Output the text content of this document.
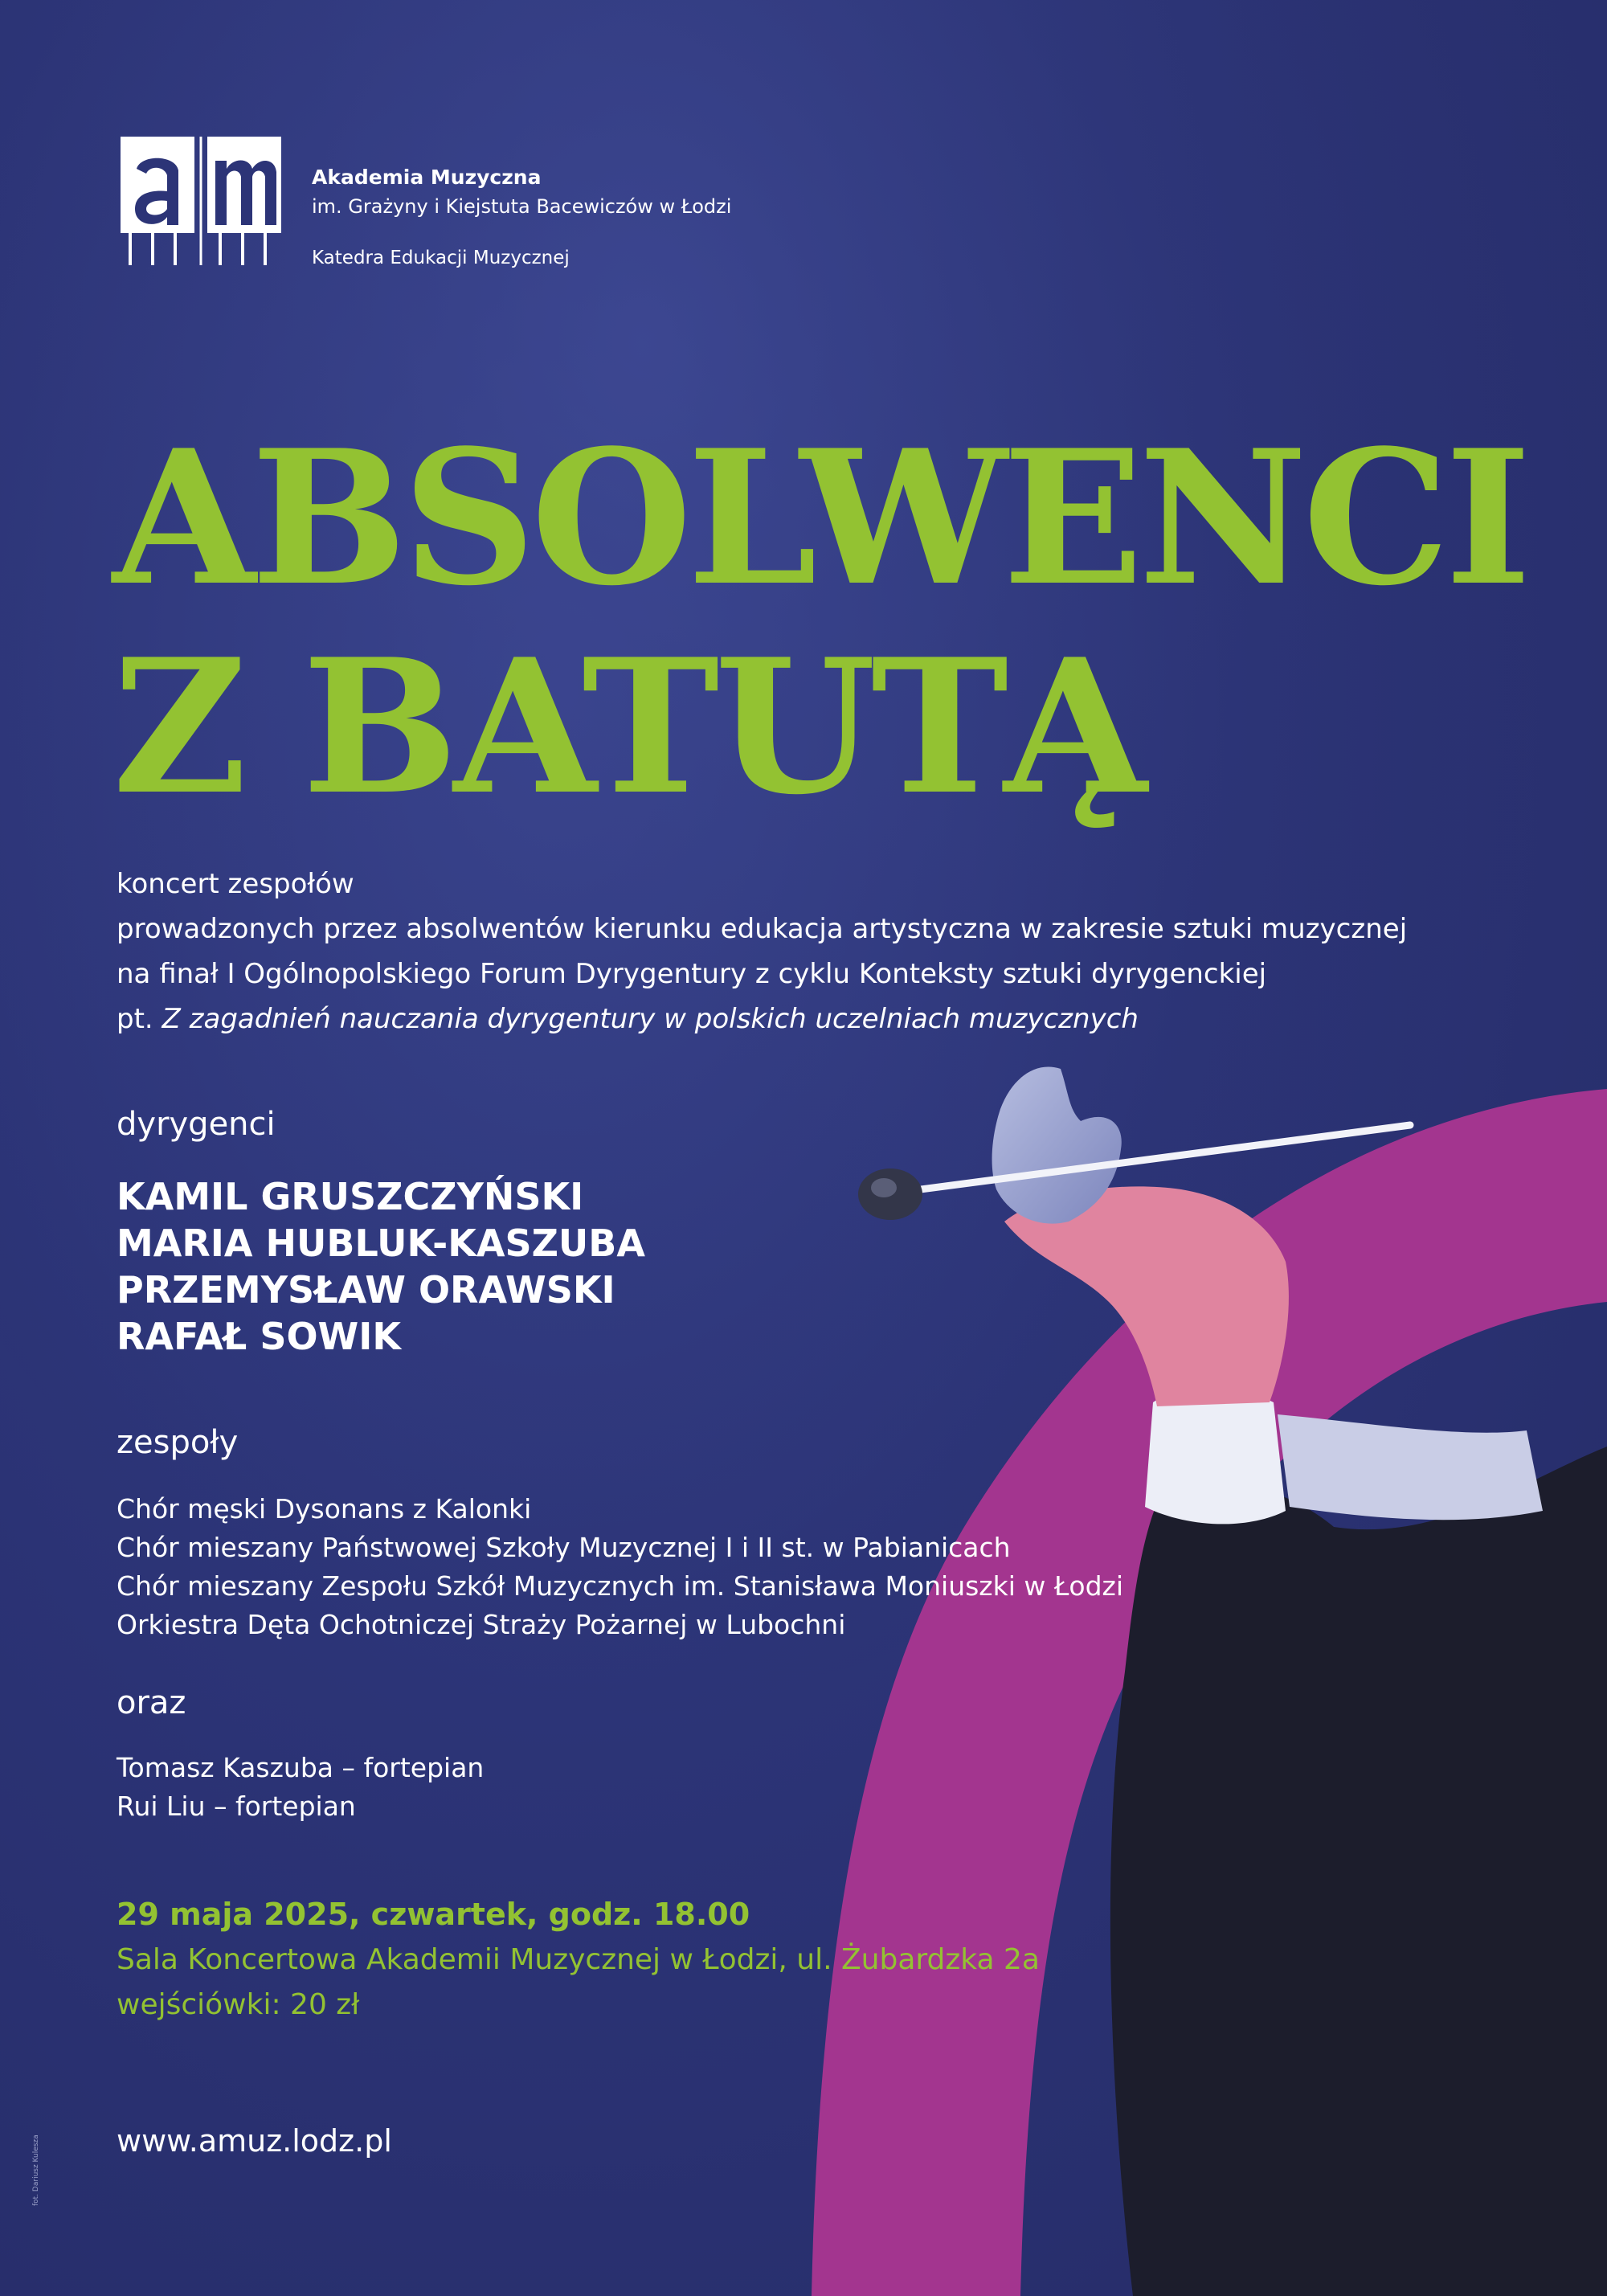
Akademia Muzyczna
im. Grażyny i Kiejstuta Bacewiczów w Łodzi
Katedra Edukacji Muzycznej
ABSOLWENCI
Z BATUTĄ
koncert zespołów
prowadzonych przez absolwentów kierunku edukacja artystyczna w zakresie sztuki muzycznej
na finał I Ogólnopolskiego Forum Dyrygentury z cyklu Konteksty sztuki dyrygenckiej
pt. Z zagadnień nauczania dyrygentury w polskich uczelniach muzycznych
dyrygenci
KAMIL GRUSZCZYŃSKI
MARIA HUBLUK-KASZUBA
PRZEMYSŁAW ORAWSKI
RAFAŁ SOWIK
zespoły
Chór męski Dysonans z Kalonki
Chór mieszany Państwowej Szkoły Muzycznej I i II st. w Pabianicach
Chór mieszany Zespołu Szkół Muzycznych im. Stanisława Moniuszki w Łodzi
Orkiestra Dęta Ochotniczej Straży Pożarnej w Lubochni
oraz
Tomasz Kaszuba – fortepian
Rui Liu – fortepian
29 maja 2025, czwartek, godz. 18.00
Sala Koncertowa Akademii Muzycznej w Łodzi, ul. Żubardzka 2a
wejściówki: 20 zł
www.amuz.lodz.pl
fot. Dariusz Kulesza
